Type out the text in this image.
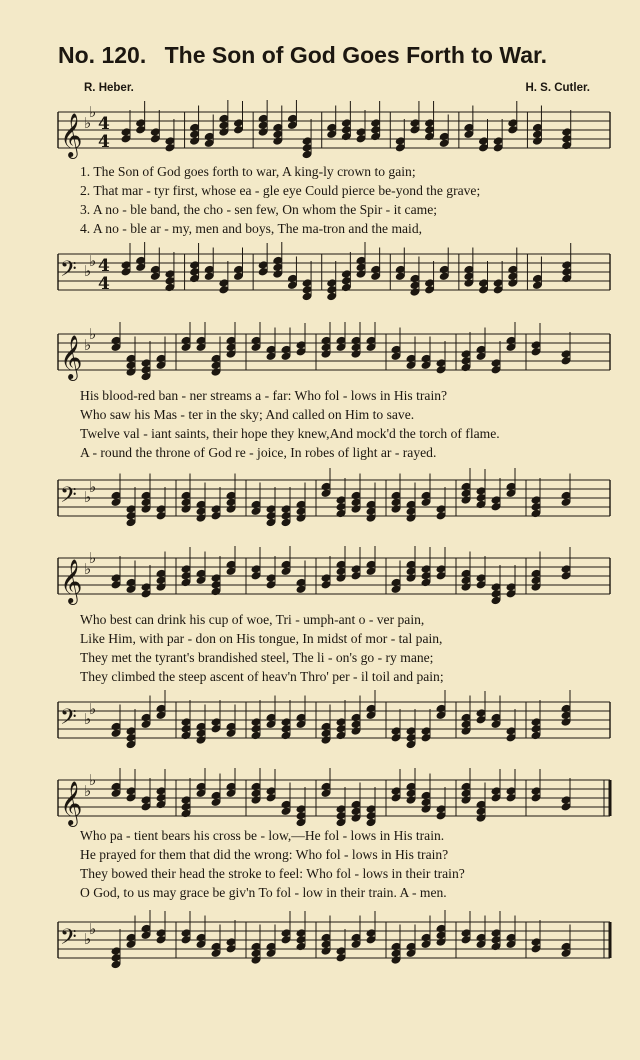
No. 120. The Son of God Goes Forth to War.
R. Heber.	H. S. Cutler.
𝄞 ♭
♭
4
4
1. The Son of God goes forth to war, A king-ly crown to gain;
2. That mar - tyr first, whose ea - gle eye Could pierce be-yond the grave;
3. A no - ble band, the cho - sen few, On whom the Spir - it came;
4. A no - ble ar - my, men and boys, The ma-tron and the maid,
𝄢 ♭
♭ 4
4
𝄞 ♭
♭
His blood-red ban - ner streams a - far: Who fol - lows in His train?
Who saw his Mas - ter in the sky; And called on Him to save.
Twelve val - iant saints, their hope they knew,And mock'd the torch of flame.
A - round the throne of God re - joice, In robes of light ar - rayed.
𝄢 ♭
♭
𝄞 ♭
♭
Who best can drink his cup of woe, Tri - umph-ant o - ver pain,
Like Him, with par - don on His tongue, In midst of mor - tal pain,
They met the tyrant's brandished steel, The li - on's go - ry mane;
They climbed the steep ascent of heav'n Thro' per - il toil and pain;
𝄢 ♭
♭
𝄞 ♭
♭
Who pa - tient bears his cross be - low,—He fol - lows in His train.
He prayed for them that did the wrong: Who fol - lows in His train?
They bowed their head the stroke to feel: Who fol - lows in their train?
O God, to us may grace be giv'n To fol - low in their train. A - men.
𝄢 ♭
♭
